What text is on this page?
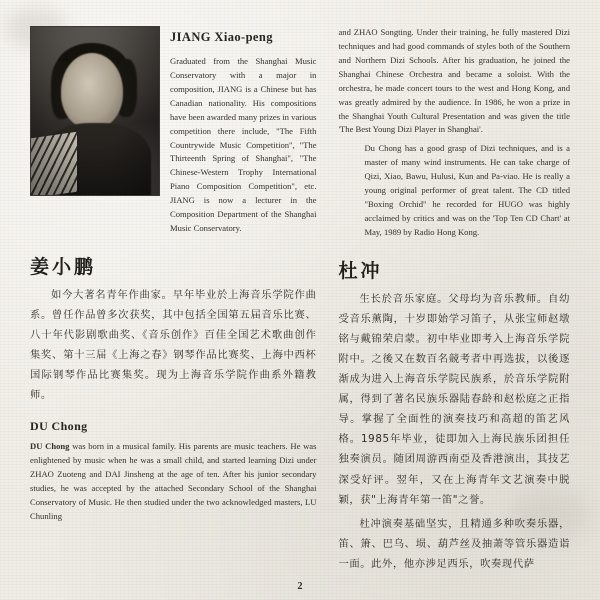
JIANG Xiao-peng
Graduated from the Shanghai Music Conservatory with a major in composition, JIANG is a Chinese but has Canadian nationality. His compositions have been awarded many prizes in various competition there include, "The Fifth Countrywide Music Competition", "The Thirteenth Spring of Shanghai", "The Chinese-Western Trophy International Piano Composition Competition", etc. JIANG is now a lecturer in the Composition Department of the Shanghai Music Conservatory.
姜小鹏

如今大著名青年作曲家。早年毕业於上海音乐学院作曲系。曾任作品曾多次获奖，其中包括全国第五届音乐比赛、八十年代影剧歌曲奖、《音乐创作》百佳全国艺术歌曲创作集奖、第十三届《上海之春》钢琴作品比赛奖、上海中西杯国际钢琴作品比赛集奖。现为上海音乐学院作曲系外籍教师。

DU Chong
DU Chong was born in a musical family. His parents are music teachers. He was enlightened by music when he was a small child, and started learning Dizi under ZHAO Zuoteng and DAI Jinsheng at the age of ten. After his junior secondary studies, he was accepted by the attached Secondary School of the Shanghai Conservatory of Music. He then studied under the two acknowledged masters, LU Chunling
and ZHAO Songting. Under their training, he fully mastered Dizi techniques and had good commands of styles both of the Southern and Northern Dizi Schools. After his graduation, he joined the Shanghai Chinese Orchestra and became a soloist. With the orchestra, he made concert tours to the west and Hong Kong, and was greatly admired by the audience. In 1986, he won a prize in the Shanghai Youth Cultural Presentation and was given the title 'The Best Young Dizi Player in Shanghai'.
Du Chong has a good grasp of Dizi techniques, and is a master of many wind instruments. He can take charge of Qizi, Xiao, Bawu, Hulusi, Kun and Pa-viao. He is really a young original performer of great talent. The CD titled "Boxing Orchid" he recorded for HUGO was highly acclaimed by critics and was on the 'Top Ten CD Chart' at May, 1989 by Radio Hong Kong.
杜冲

生长於音乐家庭。父母均为音乐教师。自幼受音乐薰陶，十岁即始学习笛子，从张宝师赵墩铭与戴锦荣启蒙。初中毕业即考入上海音乐学院附中。之後又在数百名競考者中再选拔，以後逐渐成为进入上海音乐学院民族系，於音乐学院附属，得到了著名民族乐器陆春龄和赵松庭之正指导。掌握了全面性的演奏技巧和高超的笛艺风格。1985年毕业，徒即加入上海民族乐团担任独奏演员。随团周游西南亞及香港演出，其技艺深受好评。翌年，又在上海青年文艺演奏中脱颖，获"上海青年第一笛"之誉。

杜冲演奏基础坚实，且精通多种吹奏乐器，笛、箫、巴乌、埙、葫芦丝及抽萧等管乐器造诣一面。此外，他亦涉足西乐，吹奏现代萨

2
